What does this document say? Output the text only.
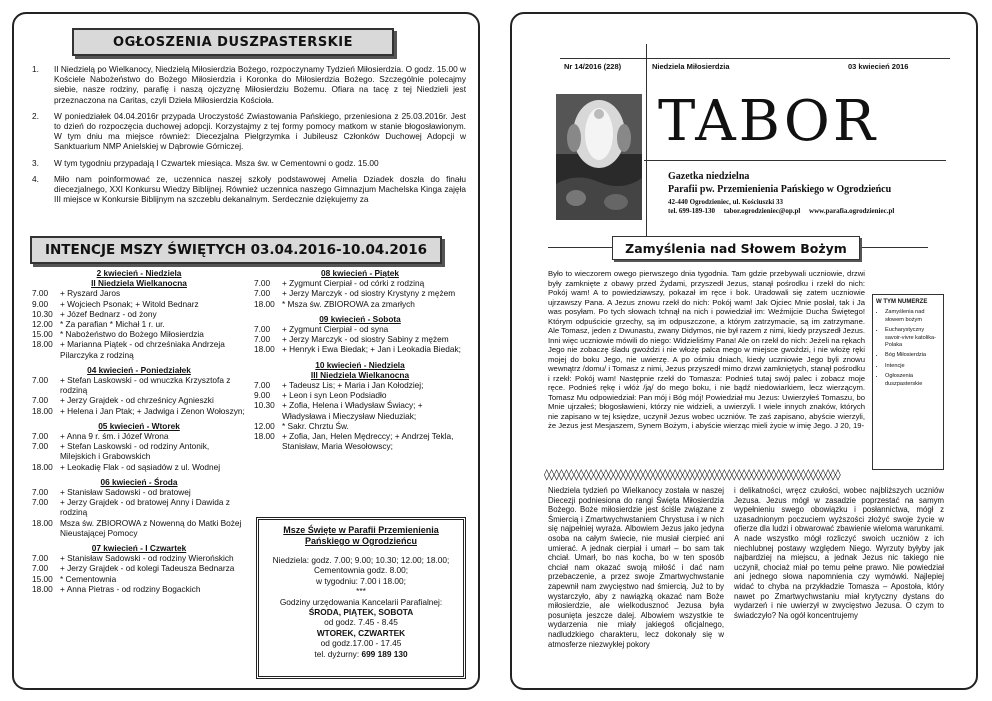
OGŁOSZENIA DUSZPASTERSKIE
1.	II Niedzielą po Wielkanocy, Niedzielą Miłosierdzia Bożego, rozpoczynamy Tydzień Miłosierdzia. O godz. 15.00 w Kościele Nabożeństwo do Bożego Miłosierdzia i Koronka do Miłosierdzia Bożego. Szczególnie polecajmy siebie, nasze rodziny, parafię i naszą ojczyznę Miłosierdziu Bożemu. Ofiara na tacę z tej Niedzieli jest przeznaczona na Caritas, czyli Dzieła Miłosierdzia Kościoła.
2.	W poniedziałek 04.04.2016r przypada Uroczystość Zwiastowania Pańskiego, przeniesiona z 25.03.2016r. Jest to dzień do rozpoczęcia duchowej adopcji. Korzystajmy z tej formy pomocy matkom w stanie błogosławionym. W tym dniu ma miejsce również: Diecezjalna Pielgrzymka i Jubileusz Członków Duchowej Adopcji w Sanktuarium NMP Anielskiej w Dąbrowie Górniczej.
3.	W tym tygodniu przypadają I Czwartek miesiąca. Msza św. w Cementowni o godz. 15.00
4.	Miło nam poinformować ze, uczennica naszej szkoły podstawowej Amelia Dziadek doszła do finału diecezjalnego, XXI Konkursu Wiedzy Biblijnej. Również uczennica naszego Gimnazjum Machelska Kinga zajęła III miejsce w Konkursie Biblijnym na szczeblu dekanalnym. Serdecznie dziękujemy za
INTENCJE MSZY ŚWIĘTYCH 03.04.2016-10.04.2016
2 kwiecień - Niedziela
II Niedziela Wielkanocna
7.00	+ Ryszard Jaros
9.00	+ Wojciech Psonak; + Witold Bednarz
10.30 + Józef Bednarz - od żony
12.00 * Za parafian * Michał 1 r. ur.
15.00 * Nabożeństwo do Bożego Miłosierdzia
18.00 + Marianna Piątek - od chrześniaka Andrzeja Pilarczyka z rodziną
04 kwiecień - Poniedziałek
7.00	+ Stefan Laskowski - od wnuczka Krzysztofa z rodziną
7.00	+ Jerzy Grajdek - od chrześnicy Agnieszki
18.00 + Helena i Jan Ptak; + Jadwiga i Zenon Wołoszyn;
05 kwiecień - Wtorek
7.00	+ Anna 9 r. śm. i Józef Wrona
7.00	+ Stefan Laskowski - od rodziny Antonik, Milejskich i Grabowskich
18.00 + Leokadię Flak - od sąsiadów z ul. Wodnej
06 kwiecień - Środa
7.00	+ Stanisław Sadowski - od bratowej
7.00	+ Jerzy Grajdek - od bratowej Anny i Dawida z rodziną
18.00 Msza św. ZBIOROWA z Nowenną do Matki Bożej Nieustającej Pomocy
07 kwiecień - I Czwartek
7.00	+ Stanisław Sadowski - od rodziny Wierońskich
7.00	+ Jerzy Grajdek - od kolegi Tadeusza Bednarza
15.00 * Cementownia
18.00 + Anna Pietras - od rodziny Bogackich
08 kwiecień - Piątek
7.00	+ Zygmunt Cierpiał - od córki z rodziną
7.00	+ Jerzy Marczyk - od siostry Krystyny z mężem
18.00 * Msza św. ZBIOROWA za zmarłych
09 kwiecień - Sobota
7.00	+ Zygmunt Cierpiał - od syna
7.00	+ Jerzy Marczyk - od siostry Sabiny z mężem
18.00 + Henryk i Ewa Biedak; + Jan i Leokadia Biedak;
10 kwiecień - Niedziela
III Niedziela Wielkanocna
7.00	+ Tadeusz Lis; + Maria i Jan Kołodziej;
9.00	+ Leon i syn Leon Podsiadło
10.30 + Zofia, Helena i Władysław Świacy; + Władysława i Mieczysław Nieduziak;
12.00 * Sakr. Chrztu Św.
18.00 + Zofia, Jan, Helen Mędreccy; + Andrzej Tekla, Stanisław, Maria Wesołowscy;
Msze Święte w Parafii Przemienienia Pańskiego w Ogrodzieńcu
Niedziela: godz. 7.00; 9.00; 10.30; 12.00; 18.00;
Cementownia godz. 8.00;
w tygodniu: 7.00 i 18.00;
***
Godziny urzędowania Kancelarii Parafialnej:
ŚRODA, PIĄTEK, SOBOTA
od godz. 7.45 - 8.45
WTOREK, CZWARTEK
od godz.17.00 - 17.45
tel. dyżurny: 699 189 130
Nr 14/2016 (228)	Niedziela Miłosierdzia	03 kwiecień 2016
TABOR
Gazetka niedzielna
Parafii pw. Przemienienia Pańskiego w Ogrodzieńcu
42-440 Ogrodzieniec, ul. Kościuszki 33
tel. 699-189-130     tabor.ogrodzieniec@op.pl     www.parafia.ogrodzieniec.pl
Zamyślenia nad Słowem Bożym
Było to wieczorem owego pierwszego dnia tygodnia. Tam gdzie przebywali uczniowie, drzwi były zamknięte z obawy przed Żydami, przyszedł Jezus, stanął pośrodku i rzekł do nich: Pokój wam! A to powiedziawszy, pokazał im ręce i bok. Uradowali się zatem uczniowie ujrzawszy Pana. A Jezus znowu rzekł do nich: Pokój wam! Jak Ojciec Mnie posłał, tak i Ja was posyłam. Po tych słowach tchnął na nich i powiedział im: Weźmijcie Ducha Świętego! Którym odpuścicie grzechy, są im odpuszczone, a którym zatrzymacie, są im zatrzymane. Ale Tomasz, jeden z Dwunastu, zwany Didymos, nie był razem z nimi, kiedy przyszedł Jezus. Inni więc uczniowie mówili do niego: Widzieliśmy Pana! Ale on rzekł do nich: Jeżeli na rękach Jego nie zobaczę śladu gwoździ i nie włożę palca mego w miejsce gwoździ, i nie włożę ręki mojej do boku Jego, nie uwierzę. A po ośmiu dniach, kiedy uczniowie Jego byli znowu wewnątrz /domu/ i Tomasz z nimi, Jezus przyszedł mimo drzwi zamkniętych, stanął pośrodku i rzekł: Pokój wam! Następnie rzekł do Tomasza: Podnieś tutaj swój palec i zobacz moje ręce. Podnieś rękę i włóż /ją/ do mego boku, i nie bądź niedowiarkiem, lecz wierzącym. Tomasz Mu odpowiedział: Pan mój i Bóg mój! Powiedział mu Jezus: Uwierzyłeś Tomaszu, bo Mnie ujrzałeś; błogosławieni, którzy nie widzieli, a uwierzyli. I wiele innych znaków, których nie zapisano w tej księdze, uczynił Jezus wobec uczniów. Te zaś zapisano, abyście wierzyli, że Jezus jest Mesjaszem, Synem Bożym, i abyście wierząc mieli życie w imię Jego. J 20, 19-
W TYM NUMERZE
• Zamyślenia nad słowem bożym
• Eucharystyczny savoir-vivre katolika-Polaka
• Bóg Miłosierdzia
• Intencje
• Ogłoszenia duszpasterskie
◊◊◊◊◊◊◊◊◊◊◊◊◊◊◊◊◊◊◊◊◊◊◊◊◊◊◊◊◊◊◊◊◊◊◊◊◊◊◊◊◊◊◊◊◊◊◊◊◊◊◊◊◊◊◊◊◊◊◊◊
Niedziela tydzień po Wielkanocy została w naszej Diecezji podniesiona do rangi Święta Miłosierdzia Bożego. Boże miłosierdzie jest ściśle związane z Śmiercią i Zmartwychwstaniem Chrystusa i w nich się najpełniej wyraża. Albowiem Jezus jako jedyna osoba na całym świecie, nie musiał cierpieć ani umierać. A jednak cierpiał i umarł – bo sam tak chciał. Umarł, bo nas kocha, bo w ten sposób chciał nam okazać swoją miłość i dać nam przebaczenie, a przez swoje Zmartwychwstanie zapewnił nam zwycięstwo nad śmiercią. Już to by wystarczyło, aby z nawiązką okazać nam Boże miłosierdzie, ale wielkodusznoć Jezusa była posunięta jeszcze dalej. Albowiem wszystkie te wydarzenia nie miały jakiegoś oficjalnego, nadludzkiego charakteru, lecz dokonały się w atmosferze niezwykłej pokory
i delikatności, wręcz czułości, wobec najbliższych uczniów Jezusa. Jezus mógł w zasadzie poprzestać na samym wypełnieniu swego obowiązku i posłannictwa, mógł z uzasadnionym poczuciem wyższości złożyć swoje życie w ofierze dla ludzi i obwarować zbawienie wieloma warunkami. A nade wszystko mógł rozliczyć swoich uczniów z ich niechlubnej postawy względem Niego. Wyrzuty byłyby jak najbardziej na miejscu, a jednak Jezus nic takiego nie uczynił, chociaż miał po temu pełne prawo. Nie powiedział ani jednego słowa napomnienia czy wymówki. Najlepiej widać to chyba na przykładzie Tomasza – Apostoła, który nawet po Zmartwychwstaniu miał krytyczny dystans do wydarzeń i nie uwierzył w zwycięstwo Jezusa. O czym to świadczyło? Na ogół koncentrujemy
